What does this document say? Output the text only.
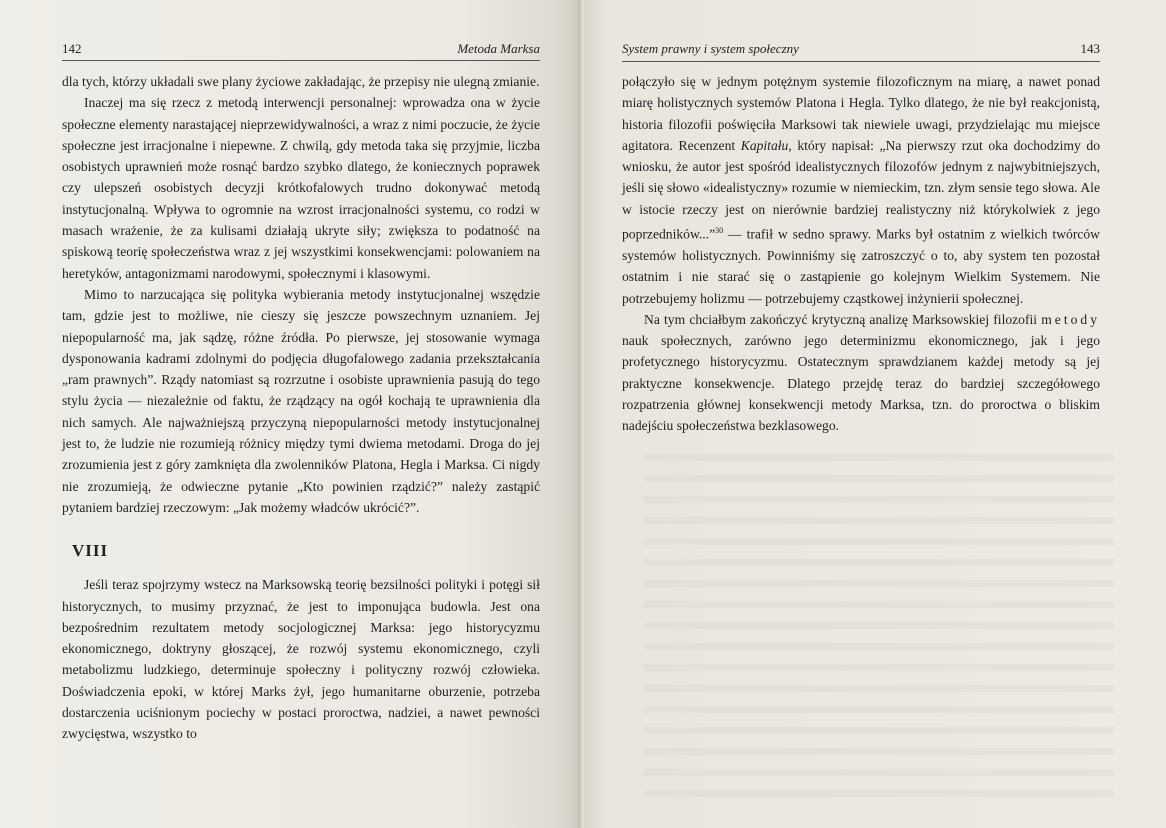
142	Metoda Marksa

dla tych, którzy układali swe plany życiowe zakładając, że przepisy nie ulegną zmianie.

Inaczej ma się rzecz z metodą interwencji personalnej: wprowadza ona w życie społeczne elementy narastającej nieprzewidywalności, a wraz z nimi poczucie, że życie społeczne jest irracjonalne i niepewne. Z chwilą, gdy metoda taka się przyjmie, liczba osobistych uprawnień może rosnąć bardzo szybko dlatego, że koniecznych poprawek czy ulepszeń osobistych decyzji krótkofalowych trudno dokonywać metodą instytucjonalną. Wpływa to ogromnie na wzrost irracjonalności systemu, co rodzi w masach wrażenie, że za kulisami działają ukryte siły; zwiększa to podatność na spiskową teorię społeczeństwa wraz z jej wszystkimi konsekwencjami: polowaniem na heretyków, antagonizmami narodowymi, społecznymi i klasowymi.

Mimo to narzucająca się polityka wybierania metody instytucjonalnej wszędzie tam, gdzie jest to możliwe, nie cieszy się jeszcze powszechnym uznaniem. Jej niepopularność ma, jak sądzę, różne źródła. Po pierwsze, jej stosowanie wymaga dysponowania kadrami zdolnymi do podjęcia długofalowego zadania przekształcania „ram prawnych”. Rządy natomiast są rozrzutne i osobiste uprawnienia pasują do tego stylu życia — niezależnie od faktu, że rządzący na ogół kochają te uprawnienia dla nich samych. Ale najważniejszą przyczyną niepopularności metody instytucjonalnej jest to, że ludzie nie rozumieją różnicy między tymi dwiema metodami. Droga do jej zrozumienia jest z góry zamknięta dla zwolenników Platona, Hegla i Marksa. Ci nigdy nie zrozumieją, że odwieczne pytanie „Kto powinien rządzić?” należy zastąpić pytaniem bardziej rzeczowym: „Jak możemy władców ukrócić?”.

VIII

Jeśli teraz spojrzymy wstecz na Marksowską teorię bezsilności polityki i potęgi sił historycznych, to musimy przyznać, że jest to imponująca budowla. Jest ona bezpośrednim rezultatem metody socjologicznej Marksa: jego historycyzmu ekonomicznego, doktryny głoszącej, że rozwój systemu ekonomicznego, czyli metabolizmu ludzkiego, determinuje społeczny i polityczny rozwój człowieka. Doświadczenia epoki, w której Marks żył, jego humanitarne oburzenie, potrzeba dostarczenia uciśnionym pociechy w postaci proroctwa, nadziei, a nawet pewności zwycięstwa, wszystko to

System prawny i system społeczny	143

połączyło się w jednym potężnym systemie filozoficznym na miarę, a nawet ponad miarę holistycznych systemów Platona i Hegla. Tylko dlatego, że nie był reakcjonistą, historia filozofii poświęciła Marksowi tak niewiele uwagi, przydzielając mu miejsce agitatora. Recenzent Kapitału, który napisał: „Na pierwszy rzut oka dochodzimy do wniosku, że autor jest spośród idealistycznych filozofów jednym z najwybitniejszych, jeśli się słowo «idealistyczny» rozumie w niemieckim, tzn. złym sensie tego słowa. Ale w istocie rzeczy jest on nierównie bardziej realistyczny niż którykolwiek z jego poprzedników...”$^{30}$ — trafił w sedno sprawy. Marks był ostatnim z wielkich twórców systemów holistycznych. Powinniśmy się zatroszczyć o to, aby system ten pozostał ostatnim i nie starać się o zastąpienie go kolejnym Wielkim Systemem. Nie potrzebujemy holizmu — potrzebujemy cząstkowej inżynierii społecznej.

Na tym chciałbym zakończyć krytyczną analizę Marksowskiej filozofii metody nauk społecznych, zarówno jego determinizmu ekonomicznego, jak i jego profetycznego historycyzmu. Ostatecznym sprawdzianem każdej metody są jej praktyczne konsekwencje. Dlatego przejdę teraz do bardziej szczegółowego rozpatrzenia głównej konsekwencji metody Marksa, tzn. do proroctwa o bliskim nadejściu społeczeństwa bezklasowego.
